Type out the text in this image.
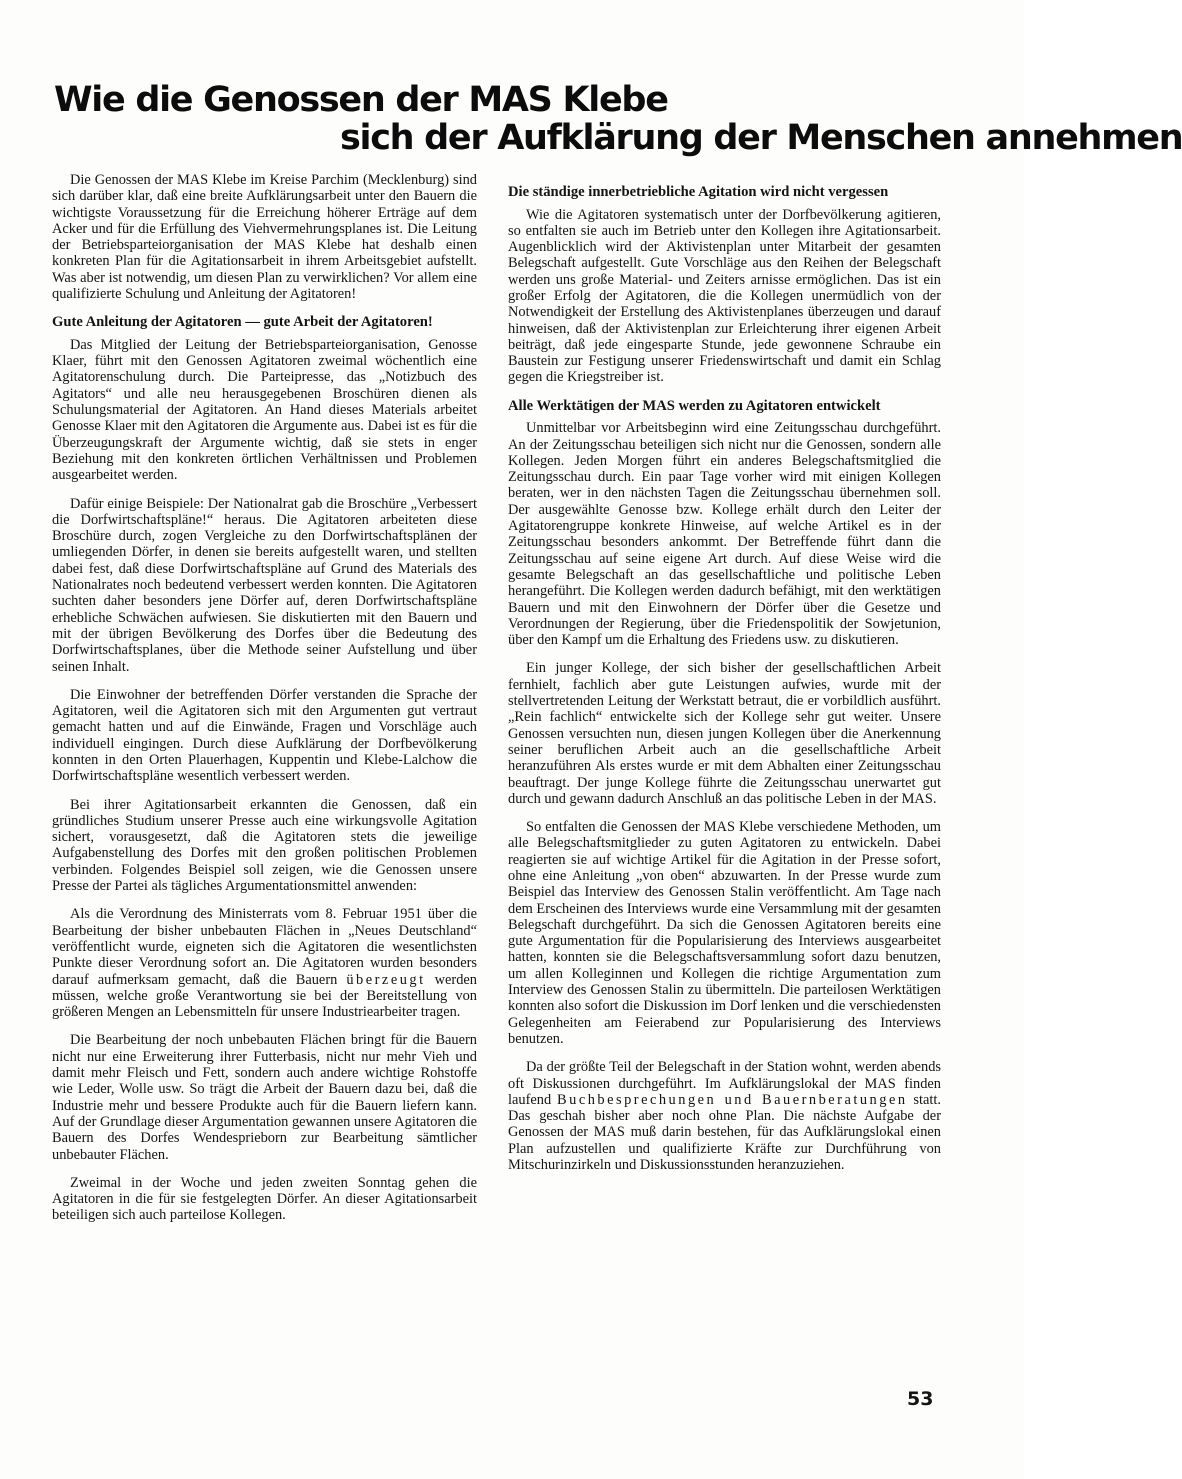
Wie die Genossen der MAS Klebe
sich der Aufklärung der Menschen annehmen

Die Genossen der MAS Klebe im Kreise Parchim (Mecklenburg) sind sich darüber klar, daß eine breite Aufklärungsarbeit unter den Bauern die wichtigste Voraussetzung für die Erreichung höherer Erträge auf dem Acker und für die Erfüllung des Viehvermehrungsplanes ist. Die Leitung der Betriebsparteiorganisation der MAS Klebe hat deshalb einen konkreten Plan für die Agitationsarbeit in ihrem Arbeitsgebiet aufstellt. Was aber ist notwendig, um diesen Plan zu verwirklichen? Vor allem eine qualifizierte Schulung und Anleitung der Agitatoren!

Gute Anleitung der Agitatoren — gute Arbeit der Agitatoren!

Das Mitglied der Leitung der Betriebsparteiorganisation, Genosse Klaer, führt mit den Genossen Agitatoren zweimal wöchentlich eine Agitatorenschulung durch. Die Parteipresse, das „Notizbuch des Agitators“ und alle neu herausgegebenen Broschüren dienen als Schulungsmaterial der Agitatoren. An Hand dieses Materials arbeitet Genosse Klaer mit den Agitatoren die Argumente aus. Dabei ist es für die Überzeugungskraft der Argumente wichtig, daß sie stets in enger Beziehung mit den konkreten örtlichen Verhältnissen und Problemen ausgearbeitet werden.

Dafür einige Beispiele: Der Nationalrat gab die Broschüre „Verbessert die Dorfwirtschaftspläne!“ heraus. Die Agitatoren arbeiteten diese Broschüre durch, zogen Vergleiche zu den Dorfwirtschaftsplänen der umliegenden Dörfer, in denen sie bereits aufgestellt waren, und stellten dabei fest, daß diese Dorfwirtschaftspläne auf Grund des Materials des Nationalrates noch bedeutend verbessert werden konnten. Die Agitatoren suchten daher besonders jene Dörfer auf, deren Dorfwirtschaftspläne erhebliche Schwächen aufwiesen. Sie diskutierten mit den Bauern und mit der übrigen Bevölkerung des Dorfes über die Bedeutung des Dorfwirtschaftsplanes, über die Methode seiner Aufstellung und über seinen Inhalt.

Die Einwohner der betreffenden Dörfer verstanden die Sprache der Agitatoren, weil die Agitatoren sich mit den Argumenten gut vertraut gemacht hatten und auf die Einwände, Fragen und Vorschläge auch individuell eingingen. Durch diese Aufklärung der Dorfbevölkerung konnten in den Orten Plauerhagen, Kuppentin und Klebe-Lalchow die Dorfwirtschaftspläne wesentlich verbessert werden.

Bei ihrer Agitationsarbeit erkannten die Genossen, daß ein gründliches Studium unserer Presse auch eine wirkungsvolle Agitation sichert, vorausgesetzt, daß die Agitatoren stets die jeweilige Aufgabenstellung des Dorfes mit den großen politischen Problemen verbinden. Folgendes Beispiel soll zeigen, wie die Genossen unsere Presse der Partei als tägliches Argumentationsmittel anwenden:

Als die Verordnung des Ministerrats vom 8. Februar 1951 über die Bearbeitung der bisher unbebauten Flächen in „Neues Deutschland“ veröffentlicht wurde, eigneten sich die Agitatoren die wesentlichsten Punkte dieser Verordnung sofort an. Die Agitatoren wurden besonders darauf aufmerksam gemacht, daß die Bauern überzeugt werden müssen, welche große Verantwortung sie bei der Bereitstellung von größeren Mengen an Lebensmitteln für unsere Industriearbeiter tragen.

Die Bearbeitung der noch unbebauten Flächen bringt für die Bauern nicht nur eine Erweiterung ihrer Futterbasis, nicht nur mehr Vieh und damit mehr Fleisch und Fett, sondern auch andere wichtige Rohstoffe wie Leder, Wolle usw. So trägt die Arbeit der Bauern dazu bei, daß die Industrie mehr und bessere Produkte auch für die Bauern liefern kann. Auf der Grundlage dieser Argumentation gewannen unsere Agitatoren die Bauern des Dorfes Wendesprieborn zur Bearbeitung sämtlicher unbebauter Flächen.

Zweimal in der Woche und jeden zweiten Sonntag gehen die Agitatoren in die für sie festgelegten Dörfer. An dieser Agitationsarbeit beteiligen sich auch parteilose Kollegen.

Die ständige innerbetriebliche Agitation wird nicht vergessen

Wie die Agitatoren systematisch unter der Dorfbevölkerung agitieren, so entfalten sie auch im Betrieb unter den Kollegen ihre Agitationsarbeit. Augenblicklich wird der Aktivistenplan unter Mitarbeit der gesamten Belegschaft aufgestellt. Gute Vorschläge aus den Reihen der Belegschaft werden uns große Material- und Zeiters arnisse ermöglichen. Das ist ein großer Erfolg der Agitatoren, die die Kollegen unermüdlich von der Notwendigkeit der Erstellung des Aktivistenplanes überzeugen und darauf hinweisen, daß der Aktivistenplan zur Erleichterung ihrer eigenen Arbeit beiträgt, daß jede eingesparte Stunde, jede gewonnene Schraube ein Baustein zur Festigung unserer Friedenswirtschaft und damit ein Schlag gegen die Kriegstreiber ist.

Alle Werktätigen der MAS werden zu Agitatoren entwickelt

Unmittelbar vor Arbeitsbeginn wird eine Zeitungsschau durchgeführt. An der Zeitungsschau beteiligen sich nicht nur die Genossen, sondern alle Kollegen. Jeden Morgen führt ein anderes Belegschaftsmitglied die Zeitungsschau durch. Ein paar Tage vorher wird mit einigen Kollegen beraten, wer in den nächsten Tagen die Zeitungsschau übernehmen soll. Der ausgewählte Genosse bzw. Kollege erhält durch den Leiter der Agitatorengruppe konkrete Hinweise, auf welche Artikel es in der Zeitungsschau besonders ankommt. Der Betreffende führt dann die Zeitungsschau auf seine eigene Art durch. Auf diese Weise wird die gesamte Belegschaft an das gesellschaftliche und politische Leben herangeführt. Die Kollegen werden dadurch befähigt, mit den werktätigen Bauern und mit den Einwohnern der Dörfer über die Gesetze und Verordnungen der Regierung, über die Friedenspolitik der Sowjetunion, über den Kampf um die Erhaltung des Friedens usw. zu diskutieren.

Ein junger Kollege, der sich bisher der gesellschaftlichen Arbeit fernhielt, fachlich aber gute Leistungen aufwies, wurde mit der stellvertretenden Leitung der Werkstatt betraut, die er vorbildlich ausführt. „Rein fachlich“ entwickelte sich der Kollege sehr gut weiter. Unsere Genossen versuchten nun, diesen jungen Kollegen über die Anerkennung seiner beruflichen Arbeit auch an die gesellschaftliche Arbeit heranzuführen Als erstes wurde er mit dem Abhalten einer Zeitungsschau beauftragt. Der junge Kollege führte die Zeitungsschau unerwartet gut durch und gewann dadurch Anschluß an das politische Leben in der MAS.

So entfalten die Genossen der MAS Klebe verschiedene Methoden, um alle Belegschaftsmitglieder zu guten Agitatoren zu entwickeln. Dabei reagierten sie auf wichtige Artikel für die Agitation in der Presse sofort, ohne eine Anleitung „von oben“ abzuwarten. In der Presse wurde zum Beispiel das Interview des Genossen Stalin veröffentlicht. Am Tage nach dem Erscheinen des Interviews wurde eine Versammlung mit der gesamten Belegschaft durchgeführt. Da sich die Genossen Agitatoren bereits eine gute Argumentation für die Popularisierung des Interviews ausgearbeitet hatten, konnten sie die Belegschaftsversammlung sofort dazu benutzen, um allen Kolleginnen und Kollegen die richtige Argumentation zum Interview des Genossen Stalin zu übermitteln. Die parteilosen Werktätigen konnten also sofort die Diskussion im Dorf lenken und die verschiedensten Gelegenheiten am Feierabend zur Popularisierung des Interviews benutzen.

Da der größte Teil der Belegschaft in der Station wohnt, werden abends oft Diskussionen durchgeführt. Im Aufklärungslokal der MAS finden laufend Buchbesprechungen und Bauernberatungen statt. Das geschah bisher aber noch ohne Plan. Die nächste Aufgabe der Genossen der MAS muß darin bestehen, für das Aufklärungslokal einen Plan aufzustellen und qualifizierte Kräfte zur Durchführung von Mitschurinzirkeln und Diskussionsstunden heranzuziehen.

53
